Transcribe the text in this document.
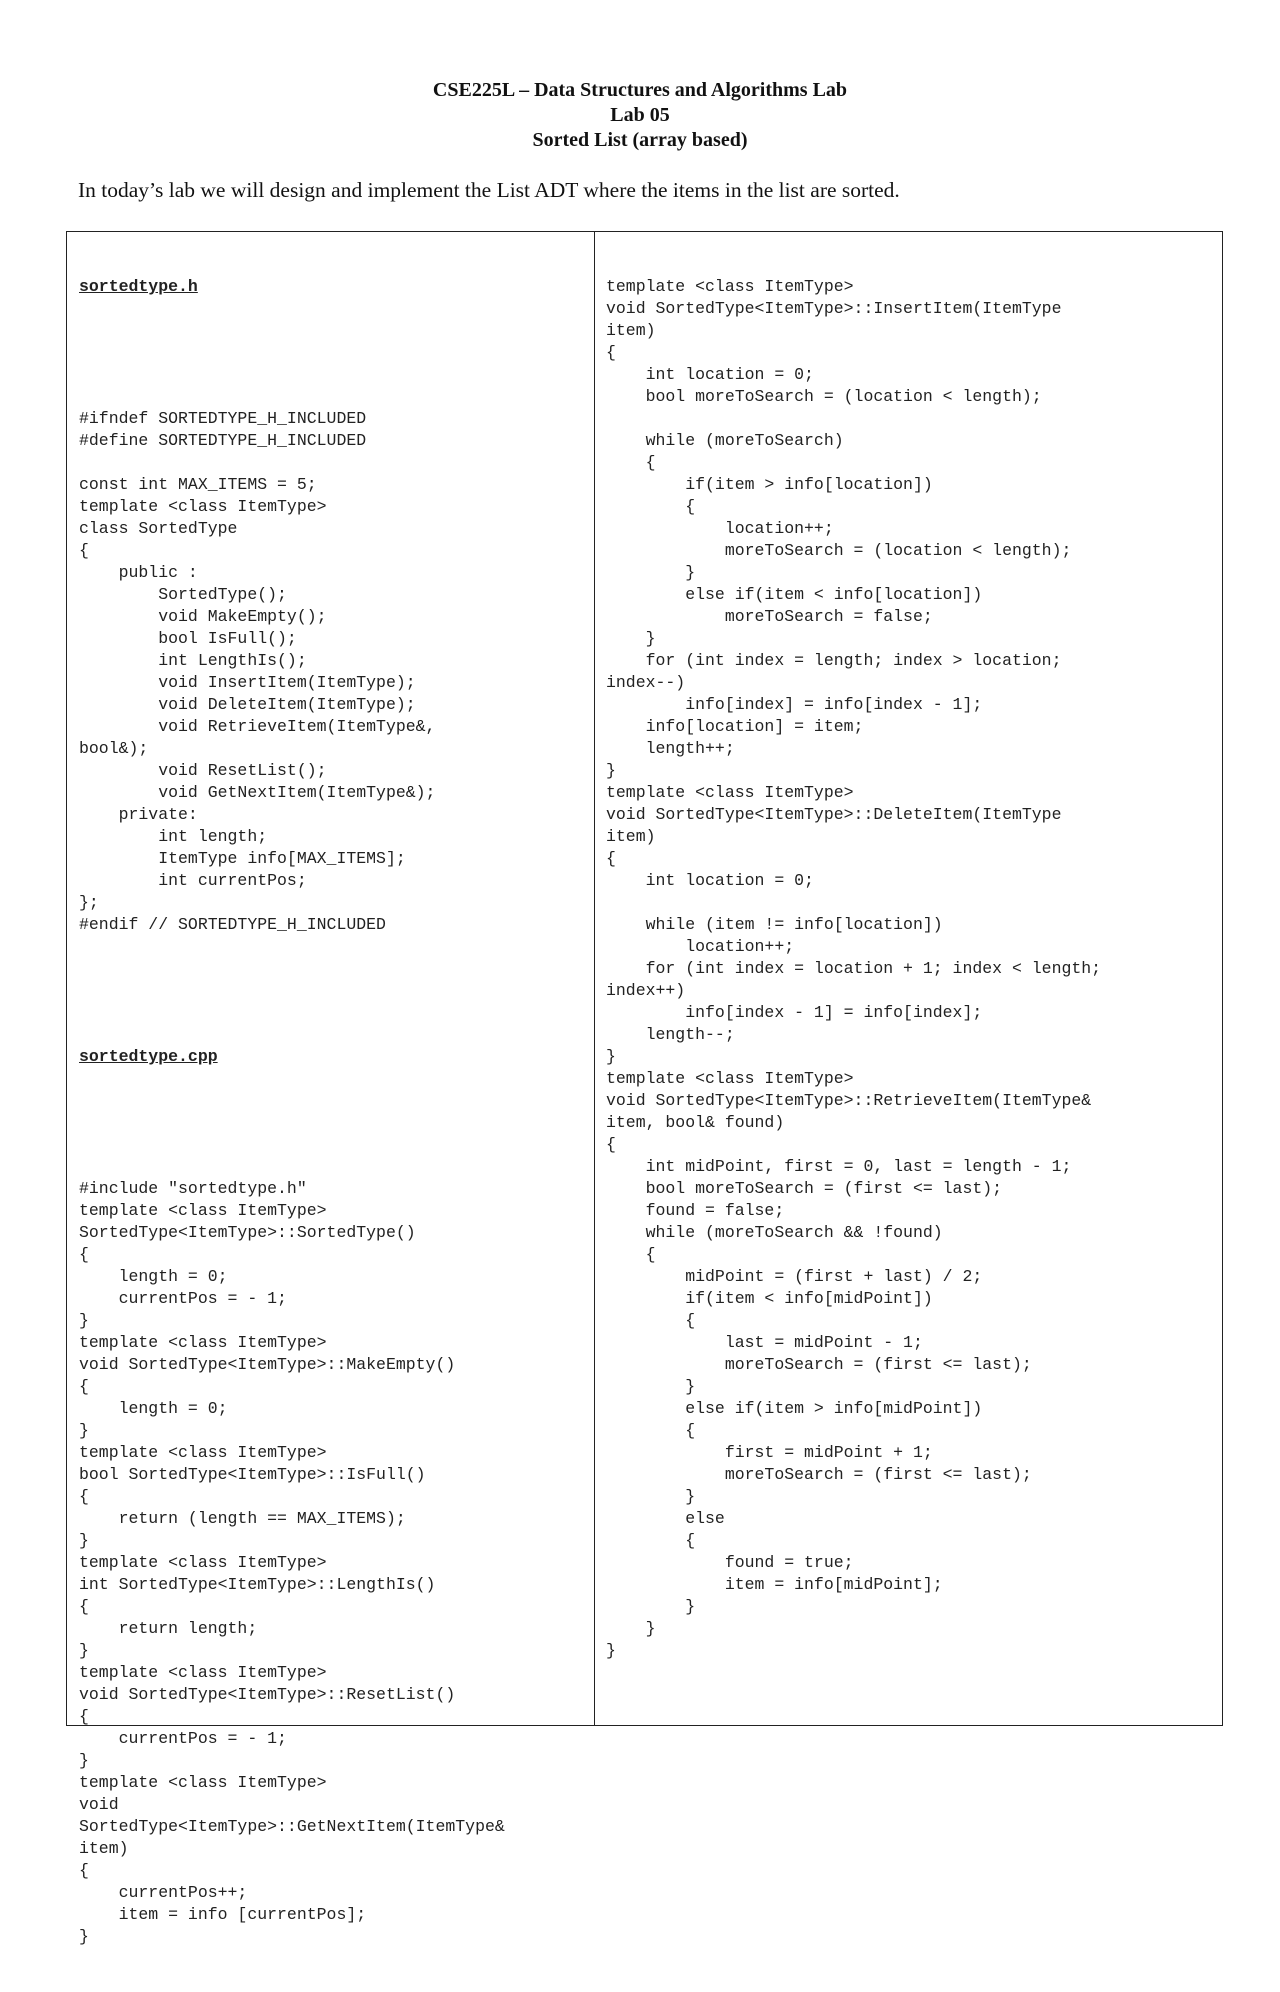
CSE225L – Data Structures and Algorithms Lab
Lab 05
Sorted List (array based)
In today’s lab we will design and implement the List ADT where the items in the list are sorted.

sortedtype.h

#ifndef SORTEDTYPE_H_INCLUDED
#define SORTEDTYPE_H_INCLUDED

const int MAX_ITEMS = 5;
template <class ItemType>
class SortedType
{
public :
SortedType();
void MakeEmpty();
bool IsFull();
int LengthIs();
void InsertItem(ItemType);
void DeleteItem(ItemType);
void RetrieveItem(ItemType&,
bool&);
void ResetList();
void GetNextItem(ItemType&);
private:
int length;
ItemType info[MAX_ITEMS];
int currentPos;
};
#endif // SORTEDTYPE_H_INCLUDED

sortedtype.cpp

#include "sortedtype.h"
template <class ItemType>
SortedType<ItemType>::SortedType()
{
length = 0;
currentPos = - 1;
}
template <class ItemType>
void SortedType<ItemType>::MakeEmpty()
{
length = 0;
}
template <class ItemType>
bool SortedType<ItemType>::IsFull()
{
return (length == MAX_ITEMS);
}
template <class ItemType>
int SortedType<ItemType>::LengthIs()
{
return length;
}
template <class ItemType>
void SortedType<ItemType>::ResetList()
{
currentPos = - 1;
}
template <class ItemType>
void
SortedType<ItemType>::GetNextItem(ItemType&
item)
{
currentPos++;
item = info [currentPos];
}

template <class ItemType>
void SortedType<ItemType>::InsertItem(ItemType
item)
{
int location = 0;
bool moreToSearch = (location < length);

while (moreToSearch)
{
if(item > info[location])
{
location++;
moreToSearch = (location < length);
}
else if(item < info[location])
moreToSearch = false;
}
for (int index = length; index > location;
index--)
info[index] = info[index - 1];
info[location] = item;
length++;
}
template <class ItemType>
void SortedType<ItemType>::DeleteItem(ItemType
item)
{
int location = 0;

while (item != info[location])
location++;
for (int index = location + 1; index < length;
index++)
info[index - 1] = info[index];
length--;
}
template <class ItemType>
void SortedType<ItemType>::RetrieveItem(ItemType&
item, bool& found)
{
int midPoint, first = 0, last = length - 1;
bool moreToSearch = (first <= last);
found = false;
while (moreToSearch && !found)
{
midPoint = (first + last) / 2;
if(item < info[midPoint])
{
last = midPoint - 1;
moreToSearch = (first <= last);
}
else if(item > info[midPoint])
{
first = midPoint + 1;
moreToSearch = (first <= last);
}
else
{
found = true;
item = info[midPoint];
}
}
}
